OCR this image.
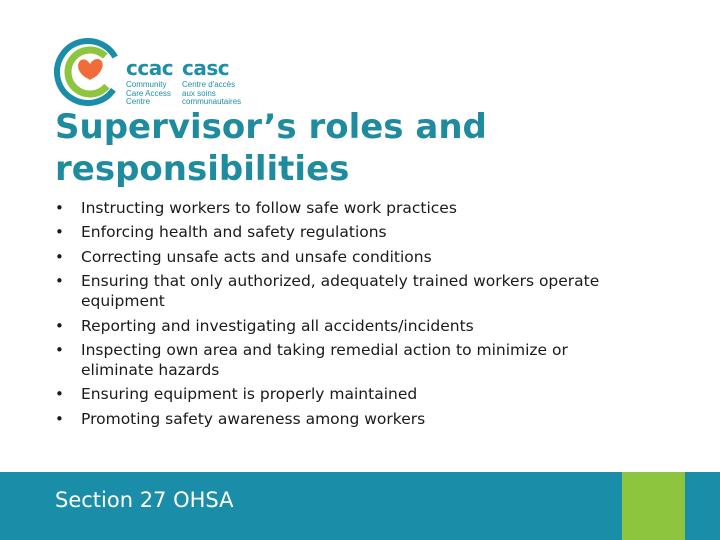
ccac casc
Community
Care Access
Centre
Centre d'accès
aux soins
communautaires
Supervisor’s roles and
responsibilities
• Instructing workers to follow safe work practices
• Enforcing health and safety regulations
• Correcting unsafe acts and unsafe conditions
• Ensuring that only authorized, adequately trained workers operate
equipment
• Reporting and investigating all accidents/incidents
• Inspecting own area and taking remedial action to minimize or
eliminate hazards
• Ensuring equipment is properly maintained
• Promoting safety awareness among workers
Section 27 OHSA
